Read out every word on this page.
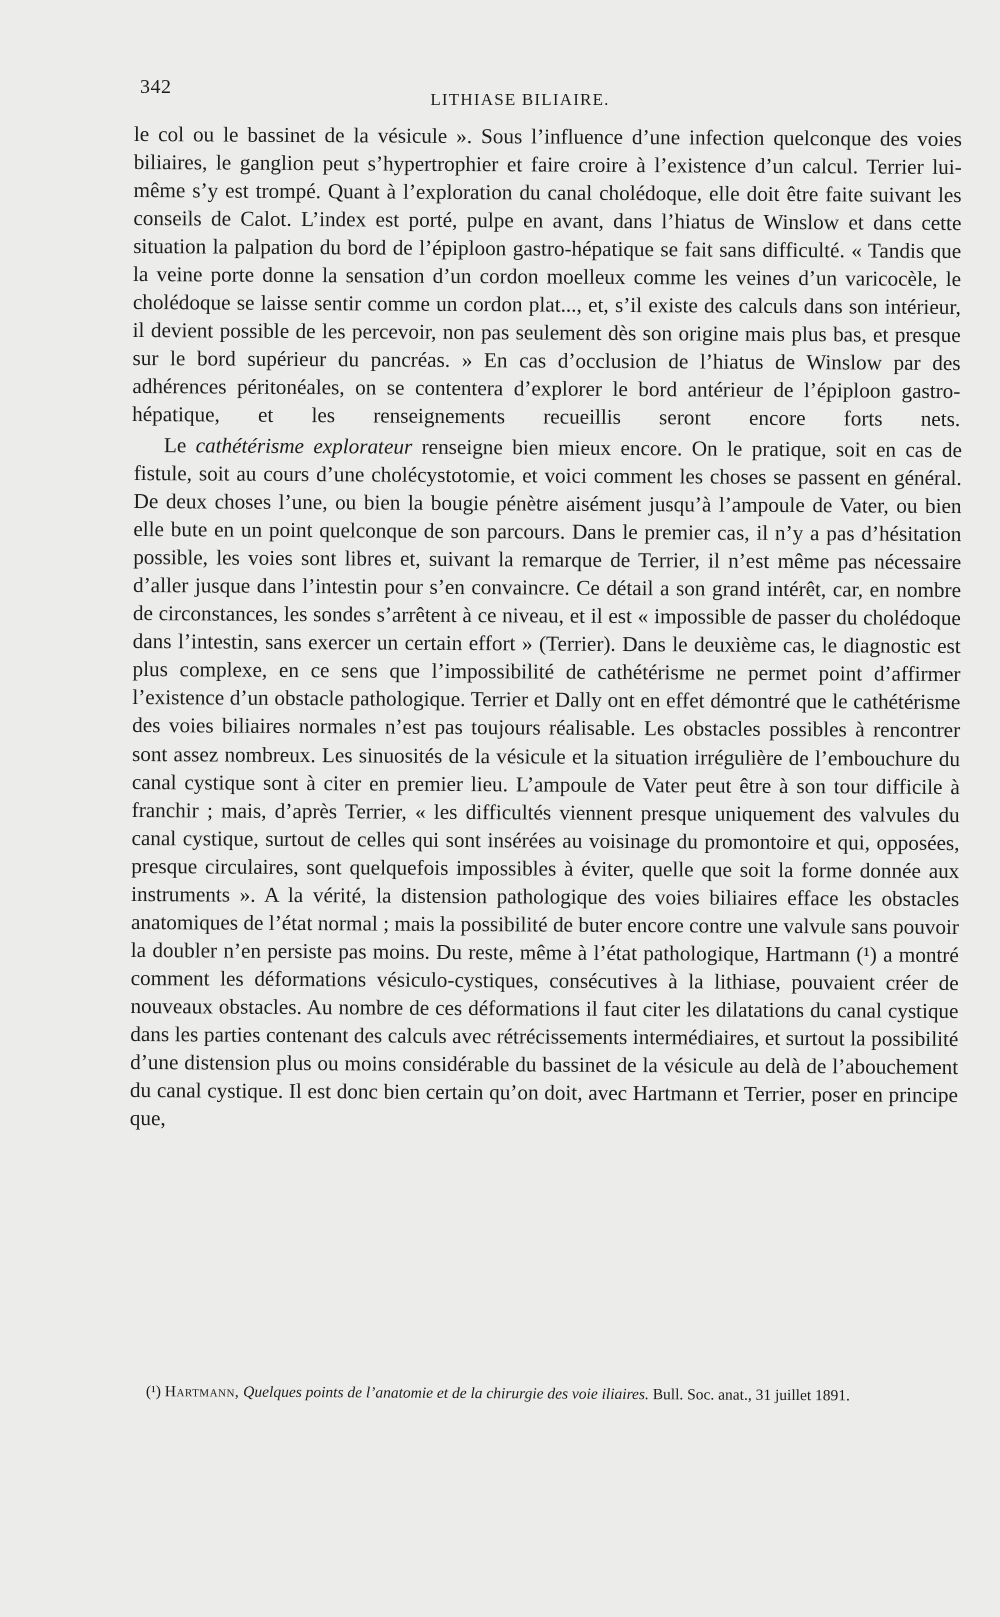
342
LITHIASE BILIAIRE.

le col ou le bassinet de la vésicule ». Sous l’influence d’une infection quelconque des voies biliaires, le ganglion peut s’hypertrophier et faire croire à l’existence d’un calcul. Terrier lui-même s’y est trompé. Quant à l’exploration du canal cholédoque, elle doit être faite suivant les conseils de Calot. L’index est porté, pulpe en avant, dans l’hiatus de Winslow et dans cette situation la palpation du bord de l’épiploon gastro-hépatique se fait sans difficulté. « Tandis que la veine porte donne la sensation d’un cordon moelleux comme les veines d’un varicocèle, le cholédoque se laisse sentir comme un cordon plat..., et, s’il existe des calculs dans son intérieur, il devient possible de les percevoir, non pas seulement dès son origine mais plus bas, et presque sur le bord supérieur du pancréas. » En cas d’occlusion de l’hiatus de Winslow par des adhérences péritonéales, on se contentera d’explorer le bord antérieur de l’épiploon gastro-hépatique, et les renseignements recueillis seront encore forts nets.

Le cathétérisme explorateur renseigne bien mieux encore. On le pratique, soit en cas de fistule, soit au cours d’une cholécystotomie, et voici comment les choses se passent en général. De deux choses l’une, ou bien la bougie pénètre aisément jusqu’à l’ampoule de Vater, ou bien elle bute en un point quelconque de son parcours. Dans le premier cas, il n’y a pas d’hésitation possible, les voies sont libres et, suivant la remarque de Terrier, il n’est même pas nécessaire d’aller jusque dans l’intestin pour s’en convaincre. Ce détail a son grand intérêt, car, en nombre de circonstances, les sondes s’arrêtent à ce niveau, et il est « impossible de passer du cholédoque dans l’intestin, sans exercer un certain effort » (Terrier). Dans le deuxième cas, le diagnostic est plus complexe, en ce sens que l’impossibilité de cathétérisme ne permet point d’affirmer l’existence d’un obstacle pathologique. Terrier et Dally ont en effet démontré que le cathétérisme des voies biliaires normales n’est pas toujours réalisable. Les obstacles possibles à rencontrer sont assez nombreux. Les sinuosités de la vésicule et la situation irrégulière de l’embouchure du canal cystique sont à citer en premier lieu. L’ampoule de Vater peut être à son tour difficile à franchir ; mais, d’après Terrier, « les difficultés viennent presque uniquement des valvules du canal cystique, surtout de celles qui sont insérées au voisinage du promontoire et qui, opposées, presque circulaires, sont quelquefois impossibles à éviter, quelle que soit la forme donnée aux instruments ». A la vérité, la distension pathologique des voies biliaires efface les obstacles anatomiques de l’état normal ; mais la possibilité de buter encore contre une valvule sans pouvoir la doubler n’en persiste pas moins. Du reste, même à l’état pathologique, Hartmann (¹) a montré comment les déformations vésiculo-cystiques, consécutives à la lithiase, pouvaient créer de nouveaux obstacles. Au nombre de ces déformations il faut citer les dilatations du canal cystique dans les parties contenant des calculs avec rétrécissements intermédiaires, et surtout la possibilité d’une distension plus ou moins considérable du bassinet de la vésicule au delà de l’abouchement du canal cystique. Il est donc bien certain qu’on doit, avec Hartmann et Terrier, poser en principe que,

(¹) Hartmann, Quelques points de l’anatomie et de la chirurgie des voie iliaires. Bull. Soc. anat., 31 juillet 1891.
